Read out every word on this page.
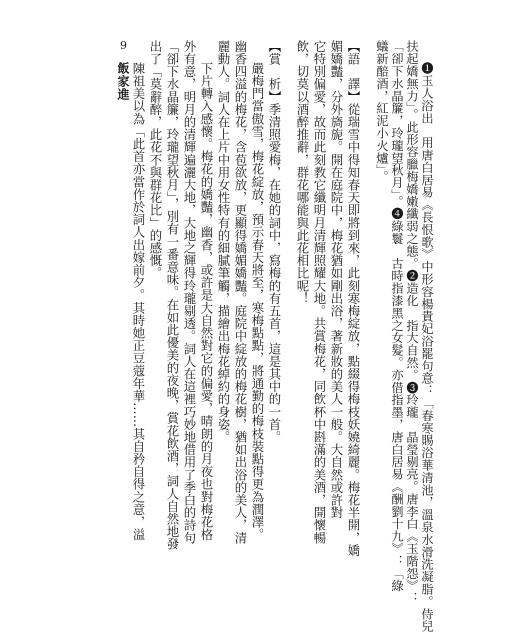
9
飯家進	❶玉人浴出　用唐白居易《長恨歌》中形容楊貴妃浴罷句意：「春寒賜浴華清池，溫泉水滑洗凝脂。侍兒
扶起嬌無力」。此形容臘梅嬌嫩纖弱之態。❷造化　指大自然。❸玲瓏　晶瑩剔亮。唐李白《玉階怨》：
「卻下水晶簾，玲瓏望秋月」。❹綠鬟　古時指漆黑之女髮。亦借指墨，唐白居易《酬劉十九》：「綠
蟻新醅酒，紅泥小火爐」。
【語　譯】從瑞雪中得知春天即將到來，此刻寒梅綻放，點綴得梅枝妖嬈綺麗。梅花半開，嬌
媚嬌豔，分外旖旎。開在庭院中，梅花猶如剛出浴，著新妝的美人一般。大自然或許對
它特別偏愛，故而此刻教它纖明月清輝照耀大地。共賞梅花，同飲杯中斟滿的美酒，開懷暢
飲，切莫以酒醉推辭，群花哪能與此花相比呢！
【賞　析】季清照愛梅，在她的詞中，寫梅的有五首，這是其中的一首。
嚴梅門當傲雪，梅花綻放，預示春天將至，寒梅點點，將通勤的梅枝裝點得更為潤澤。
幽香四溢的梅花，含苞欲放，更顯得嬌媚嬌豔。庭院中綻放的梅花樹，猶如出浴的美人，清
麗動人。詞人在上片中用女性特有的細膩筆觸，描繪出梅花綽約的身姿。
下片轉入感懷。梅花的嬌豔，幽香，或許是大自然對它的偏愛，晴朗的月夜也對梅花格
外有意，明月的清輝遍灑大地，大地之輝得玲瓏剔透。詞人在這裡巧妙地借用了季白的詩句
「卻下水晶簾，玲瓏望秋月」，別有一番意味。在如此優美的夜晚，賞花飲酒，詞人自然地發
出了「莫辭醉，此花不與群花比」的感慨。
陳祖美以為「此首亦當作於詞人出嫁前夕。其時她正豆蔻年華……其自矜自得之意，溢
